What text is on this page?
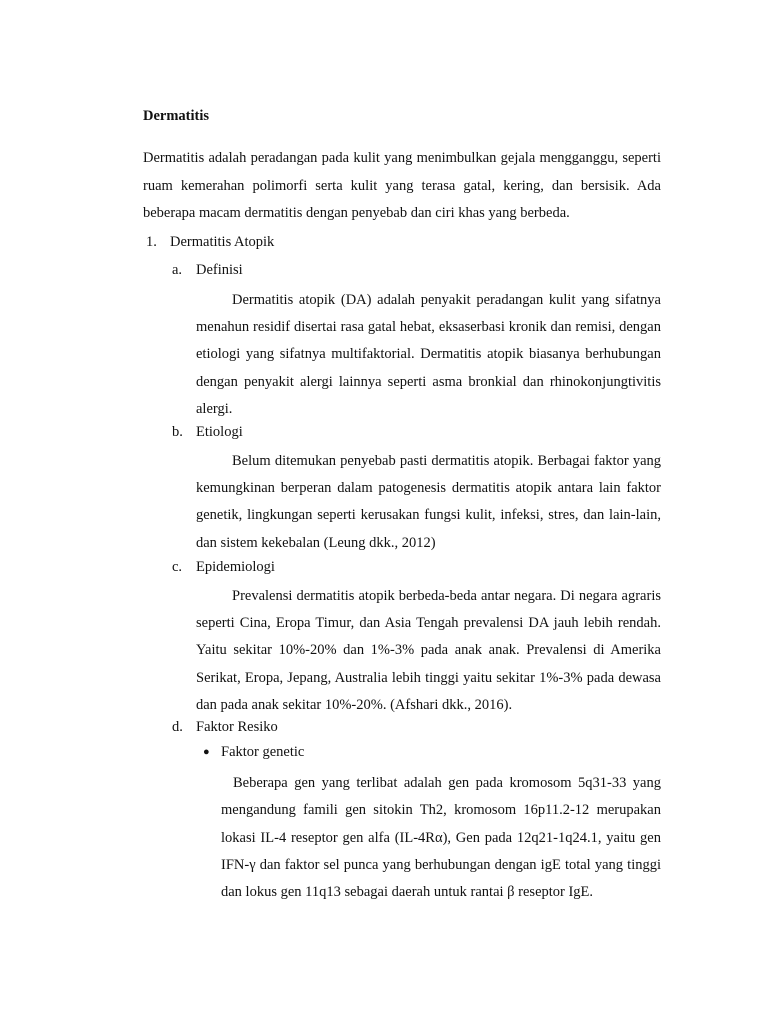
Dermatitis
Dermatitis adalah peradangan pada kulit yang menimbulkan gejala mengganggu, seperti ruam kemerahan polimorfi serta kulit yang terasa gatal, kering, dan bersisik. Ada beberapa macam dermatitis dengan penyebab dan ciri khas yang berbeda.
1. Dermatitis Atopik
a. Definisi
Dermatitis atopik (DA) adalah penyakit peradangan kulit yang sifatnya menahun residif disertai rasa gatal hebat, eksaserbasi kronik dan remisi, dengan etiologi yang sifatnya multifaktorial. Dermatitis atopik biasanya berhubungan dengan penyakit alergi lainnya seperti asma bronkial dan rhinokonjungtivitis alergi.
b. Etiologi
Belum ditemukan penyebab pasti dermatitis atopik. Berbagai faktor yang kemungkinan berperan dalam patogenesis dermatitis atopik antara lain faktor genetik, lingkungan seperti kerusakan fungsi kulit, infeksi, stres, dan lain-lain, dan sistem kekebalan (Leung dkk., 2012)
c. Epidemiologi
Prevalensi dermatitis atopik berbeda-beda antar negara. Di negara agraris seperti Cina, Eropa Timur, dan Asia Tengah prevalensi DA jauh lebih rendah. Yaitu sekitar 10%-20% dan 1%-3% pada anak anak. Prevalensi di Amerika Serikat, Eropa, Jepang, Australia lebih tinggi yaitu sekitar 1%-3% pada dewasa dan pada anak sekitar 10%-20%. (Afshari dkk., 2016).
d. Faktor Resiko
● Faktor genetic
Beberapa gen yang terlibat adalah gen pada kromosom 5q31-33 yang mengandung famili gen sitokin Th2, kromosom 16p11.2-12 merupakan lokasi IL-4 reseptor gen alfa (IL-4Rα), Gen pada 12q21-1q24.1, yaitu gen IFN-γ dan faktor sel punca yang berhubungan dengan igE total yang tinggi dan lokus gen 11q13 sebagai daerah untuk rantai β reseptor IgE.
